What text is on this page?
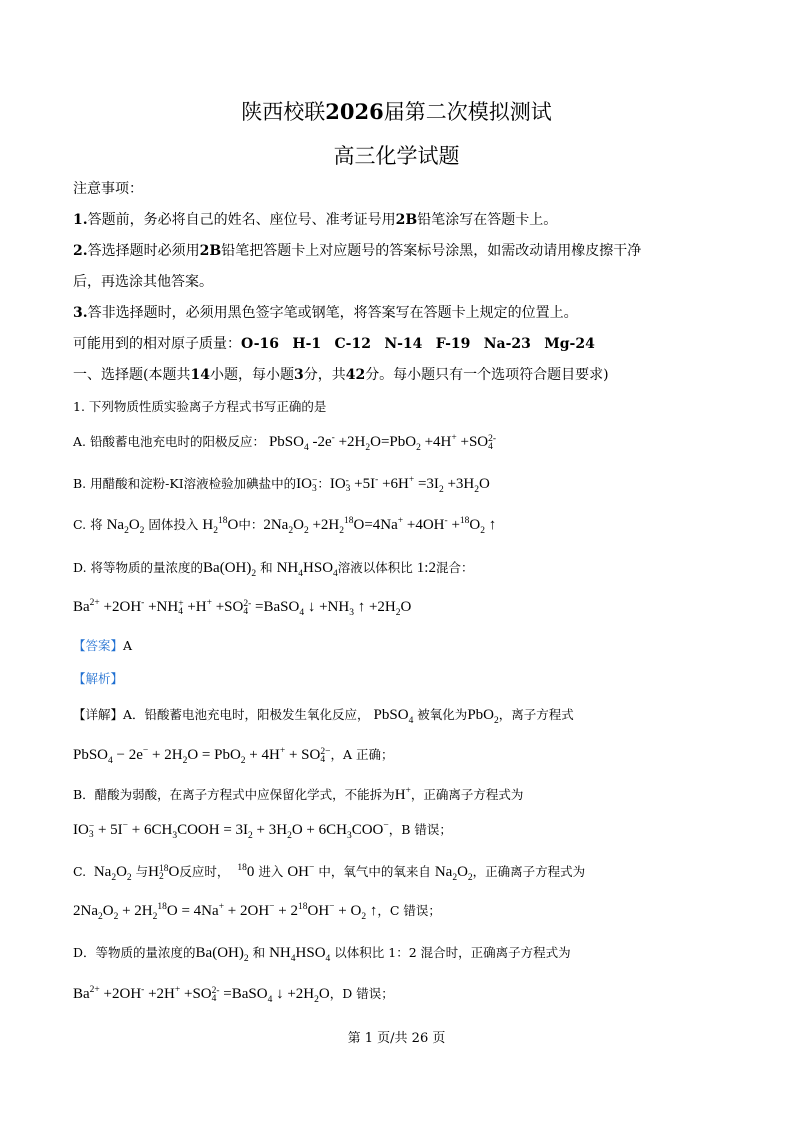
陕西校联2026届第二次模拟测试
高三化学试题
注意事项：
1.答题前，务必将自己的姓名、座位号、准考证号用2B铅笔涂写在答题卡上。
2.答选择题时必须用2B铅笔把答题卡上对应题号的答案标号涂黑，如需改动请用橡皮擦干净
后，再选涂其他答案。
3.答非选择题时，必须用黑色签字笔或钢笔，将答案写在答题卡上规定的位置上。
可能用到的相对原子质量：O-16 H-1 C-12 N-14 F-19 Na-23 Mg-24
一、选择题(本题共14小题，每小题3分，共42分。每小题只有一个选项符合题目要求)
1. 下列物质性质实验离子方程式书写正确的是
A. 铅酸蓄电池充电时的阳极反应： PbSO$_4$ $-2e^- +2H_2O=PbO_2 +4H^+ +SO$ 2-
4
B. 用醋酸和淀粉-KI溶液检验加碘盐中的IO −
3 ：IO -
$3 +5I^- +6H^+ =3I_2 +3H_2O$
C. 将 $Na_2O_2$ 固体投入 $H_2^{18}O$中：$2Na_2O_2 +2H_2^{18}O=4Na^+ +4OH^- +^{18}O_2$ ↑
D. 将等物质的量浓度的$Ba(OH)_2$ 和 $NH_4HSO_4$溶液以体积比 1:2混合：
$Ba^{2+} +2OH^- +NH$ +
4 +H+ +SO 2-
4 =BaSO$_4$ ↓ $+NH_3$ ↑ $+2H_2O$
【答案】A
【解析】
【详解】A．铅酸蓄电池充电时，阳极发生氧化反应， PbSO$_4$ 被氧化为PbO$_2$，离子方程式
PbSO$_4$ − $2e^- + 2H_2O = PbO_2 + 4H^+$ + SO 2−
4 ，A 正确；
B．醋酸为弱酸，在离子方程式中应保留化学式，不能拆为H+，正确离子方程式为
IO −
$3 + 5I^- + 6CH_3COOH = 3I_2 + 3H_2O + 6CH_3COO^-$，B 错误；
C.  $Na_2O_2$ 与H 18
2 O反应时， $^{18}$0 进入 OH− 中，氧气中的氧来自 $Na_2O_2$，正确离子方程式为
$2Na_2O_2 + 2H_2^{18}O = 4Na^+ + 2OH^- + 2^{18}OH^- + O_2$ ↑，C 错误；
D．等物质的量浓度的$Ba(OH)_2$ 和 $NH_4HSO_4$ 以体积比 1：2 混合时，正确离子方程式为
$Ba^{2+} +2OH^- +2H^+ +SO$ 2-
4 =BaSO$_4$ ↓ $+2H_2O$，D 错误；
第 1 页/共 26 页
